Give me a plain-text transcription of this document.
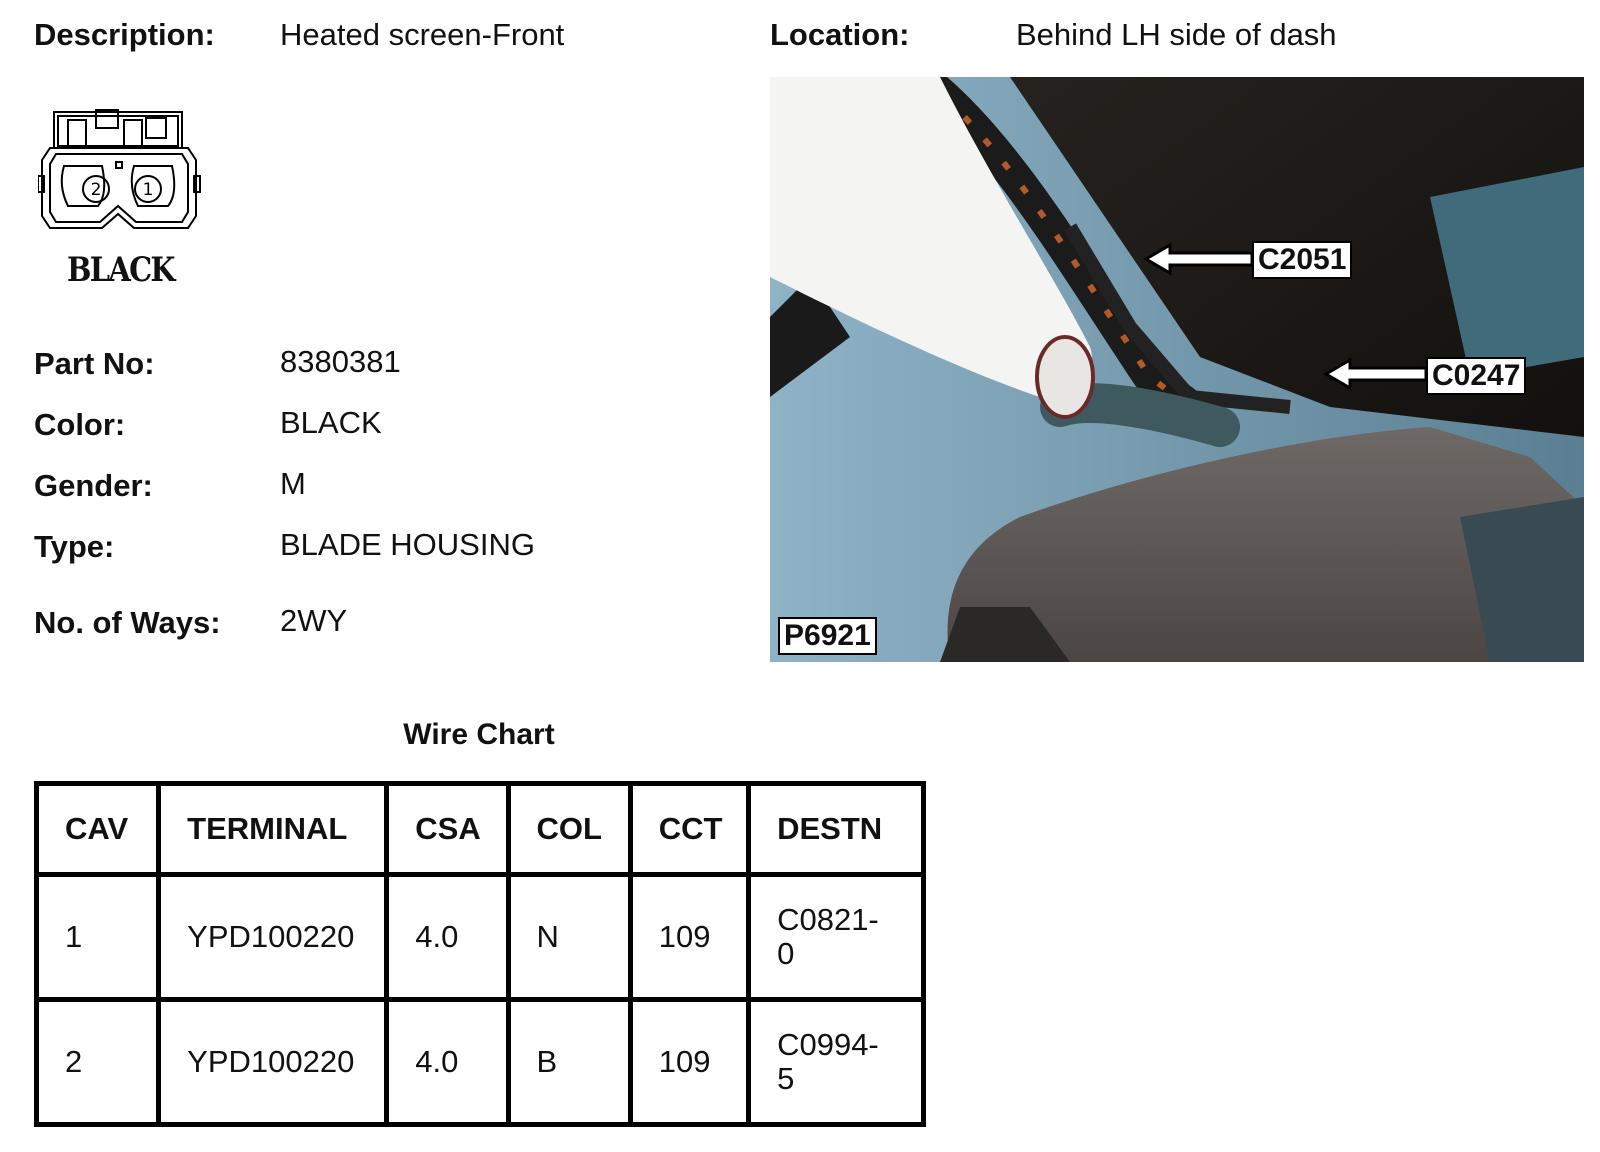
Description: Heated screen-Front	Location:	Behind LH side of dash
2 1
BLACK
Part No:	8380381
Color:	BLACK
Gender:	M
Type:	BLADE HOUSING
No. of Ways: 2WY
C2051
C0247
P6921
Wire Chart
CAV	TERMINAL	CSA	COL	CCT	DESTN
1	YPD100220	4.0	N	109	C0821-
0
2	YPD100220	4.0	B	109	C0994-
5
